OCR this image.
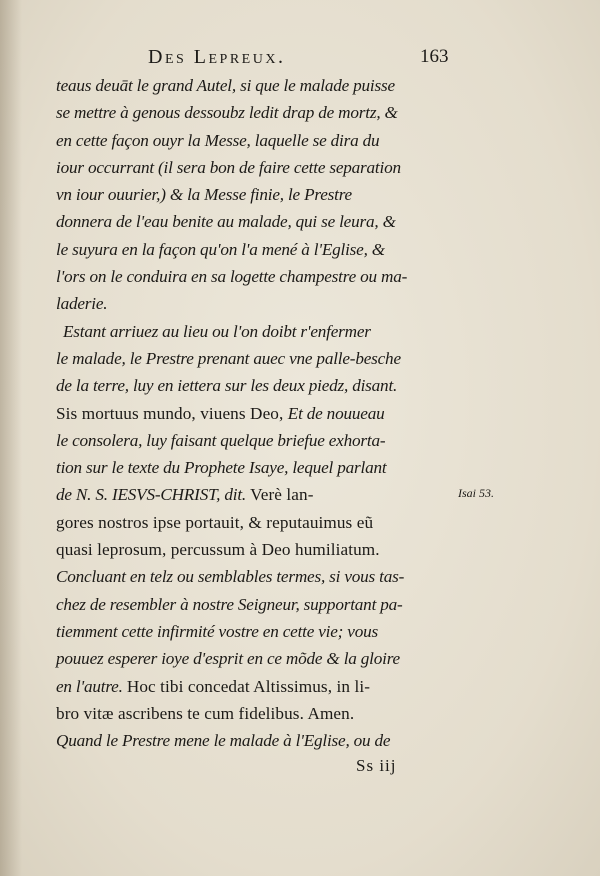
Des Lepreux.	163
teaus deuāt le grand Autel, si que le malade puisse
se mettre à genous dessoubz ledit drap de mortz, &
en cette façon ouyr la Messe, laquelle se dira du
iour occurrant (il sera bon de faire cette separation
vn iour ouurier,) & la Messe finie, le Prestre
donnera de l'eau benite au malade, qui se leura, &
le suyura en la façon qu'on l'a mené à l'Eglise, &
l'ors on le conduira en sa logette champestre ou ma-
laderie.
Estant arriuez au lieu ou l'on doibt r'enfermer
le malade, le Prestre prenant auec vne palle-besche
de la terre, luy en iettera sur les deux piedz, disant.
Sis mortuus mundo, viuens Deo, Et de nouueau
le consolera, luy faisant quelque briefue exhorta-
tion sur le texte du Prophete Isaye, lequel parlant
de N. S. IESVS-CHRIST, dit. Verè lan-
gores nostros ipse portauit, & reputauimus eũ
quasi leprosum, percussum à Deo humiliatum.
Concluant en telz ou semblables termes, si vous tas-
chez de resembler à nostre Seigneur, supportant pa-
tiemment cette infirmité vostre en cette vie; vous
pouuez esperer ioye d'esprit en ce mõde & la gloire
en l'autre. Hoc tibi concedat Altissimus, in li-
bro vitæ ascribens te cum fidelibus. Amen.
Quand le Prestre mene le malade à l'Eglise, ou de
Isai 53.
Ss iij
